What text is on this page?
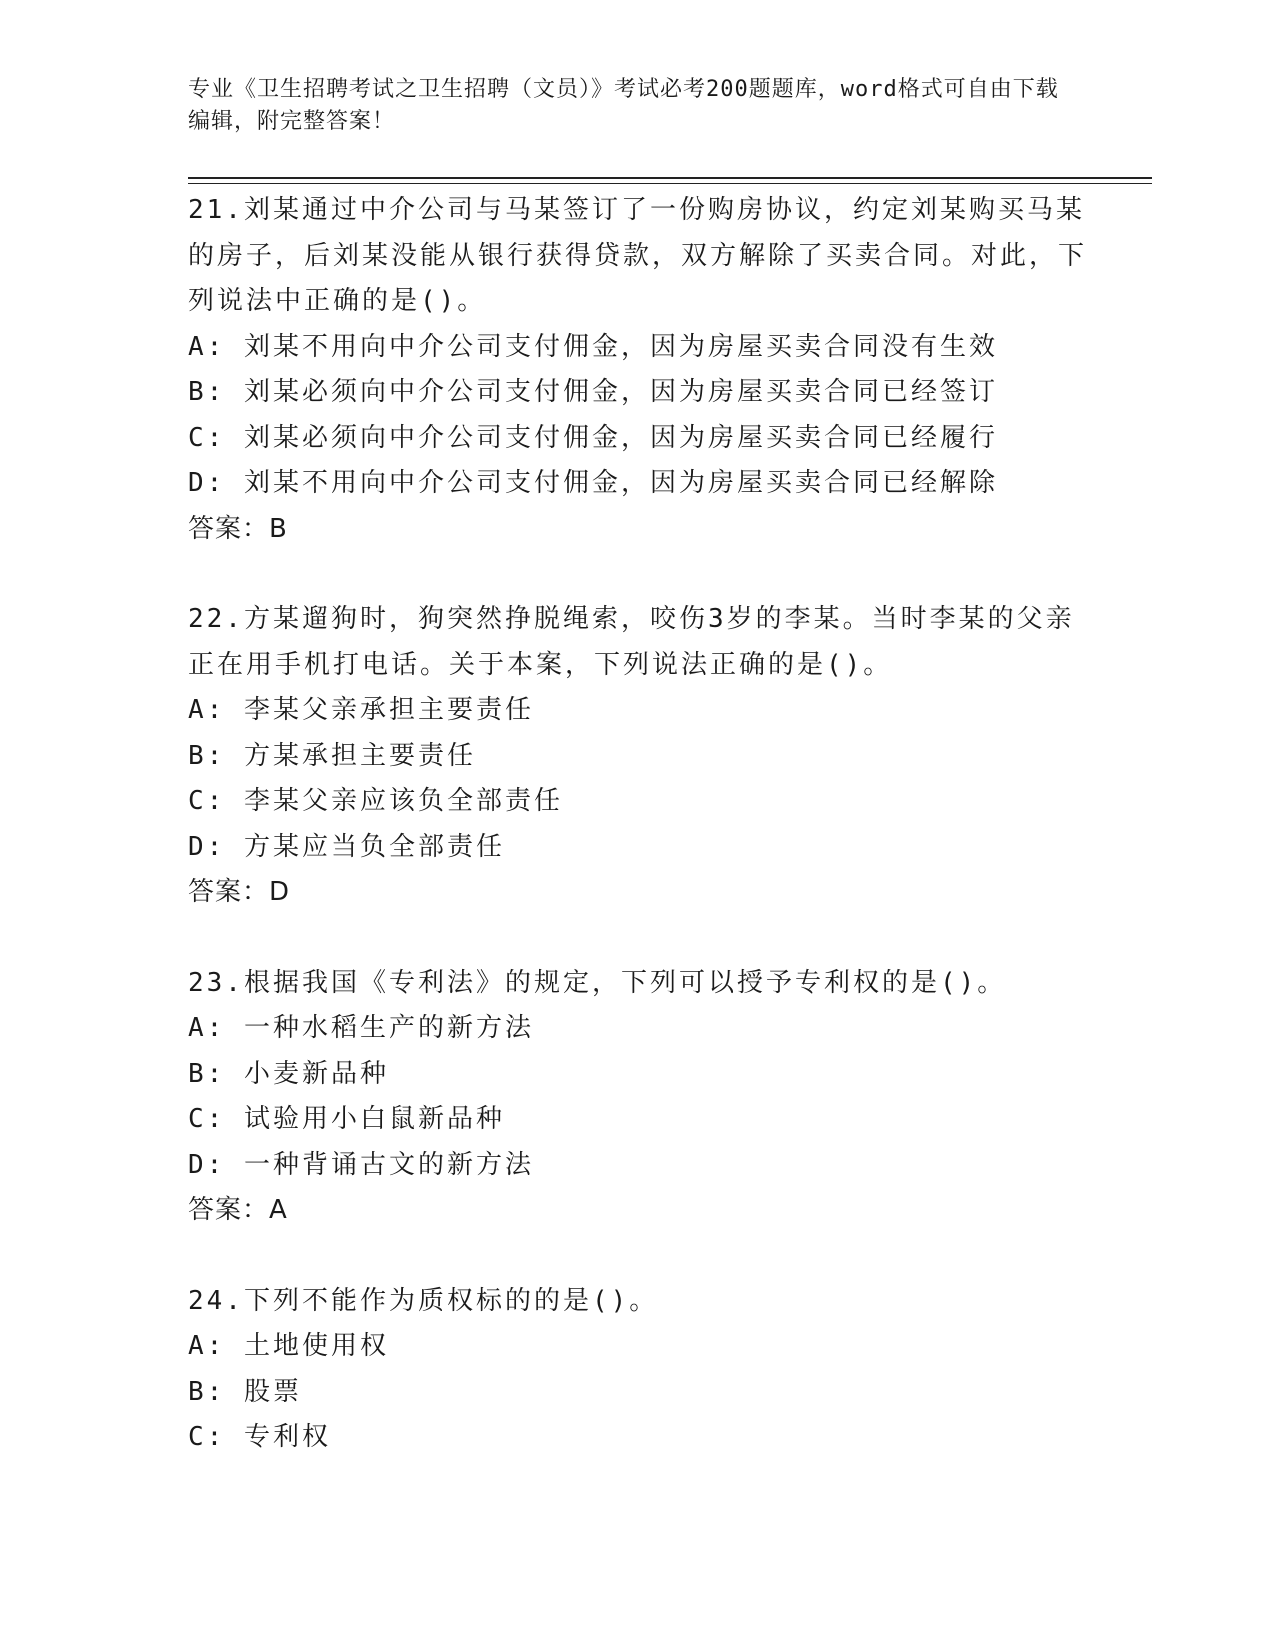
专业《卫生招聘考试之卫生招聘（文员）》考试必考200题题库，word格式可自由下载编辑，附完整答案！
21.刘某通过中介公司与马某签订了一份购房协议，约定刘某购买马某的房子，后刘某没能从银行获得贷款，双方解除了买卖合同。对此，下列说法中正确的是()。
A: 刘某不用向中介公司支付佣金，因为房屋买卖合同没有生效
B: 刘某必须向中介公司支付佣金，因为房屋买卖合同已经签订
C: 刘某必须向中介公司支付佣金，因为房屋买卖合同已经履行
D: 刘某不用向中介公司支付佣金，因为房屋买卖合同已经解除
答案：B
22.方某遛狗时，狗突然挣脱绳索，咬伤3岁的李某。当时李某的父亲正在用手机打电话。关于本案，下列说法正确的是()。
A: 李某父亲承担主要责任
B: 方某承担主要责任
C: 李某父亲应该负全部责任
D: 方某应当负全部责任
答案：D
23.根据我国《专利法》的规定，下列可以授予专利权的是()。
A: 一种水稻生产的新方法
B: 小麦新品种
C: 试验用小白鼠新品种
D: 一种背诵古文的新方法
答案：A
24.下列不能作为质权标的的是()。
A: 土地使用权
B: 股票
C: 专利权
